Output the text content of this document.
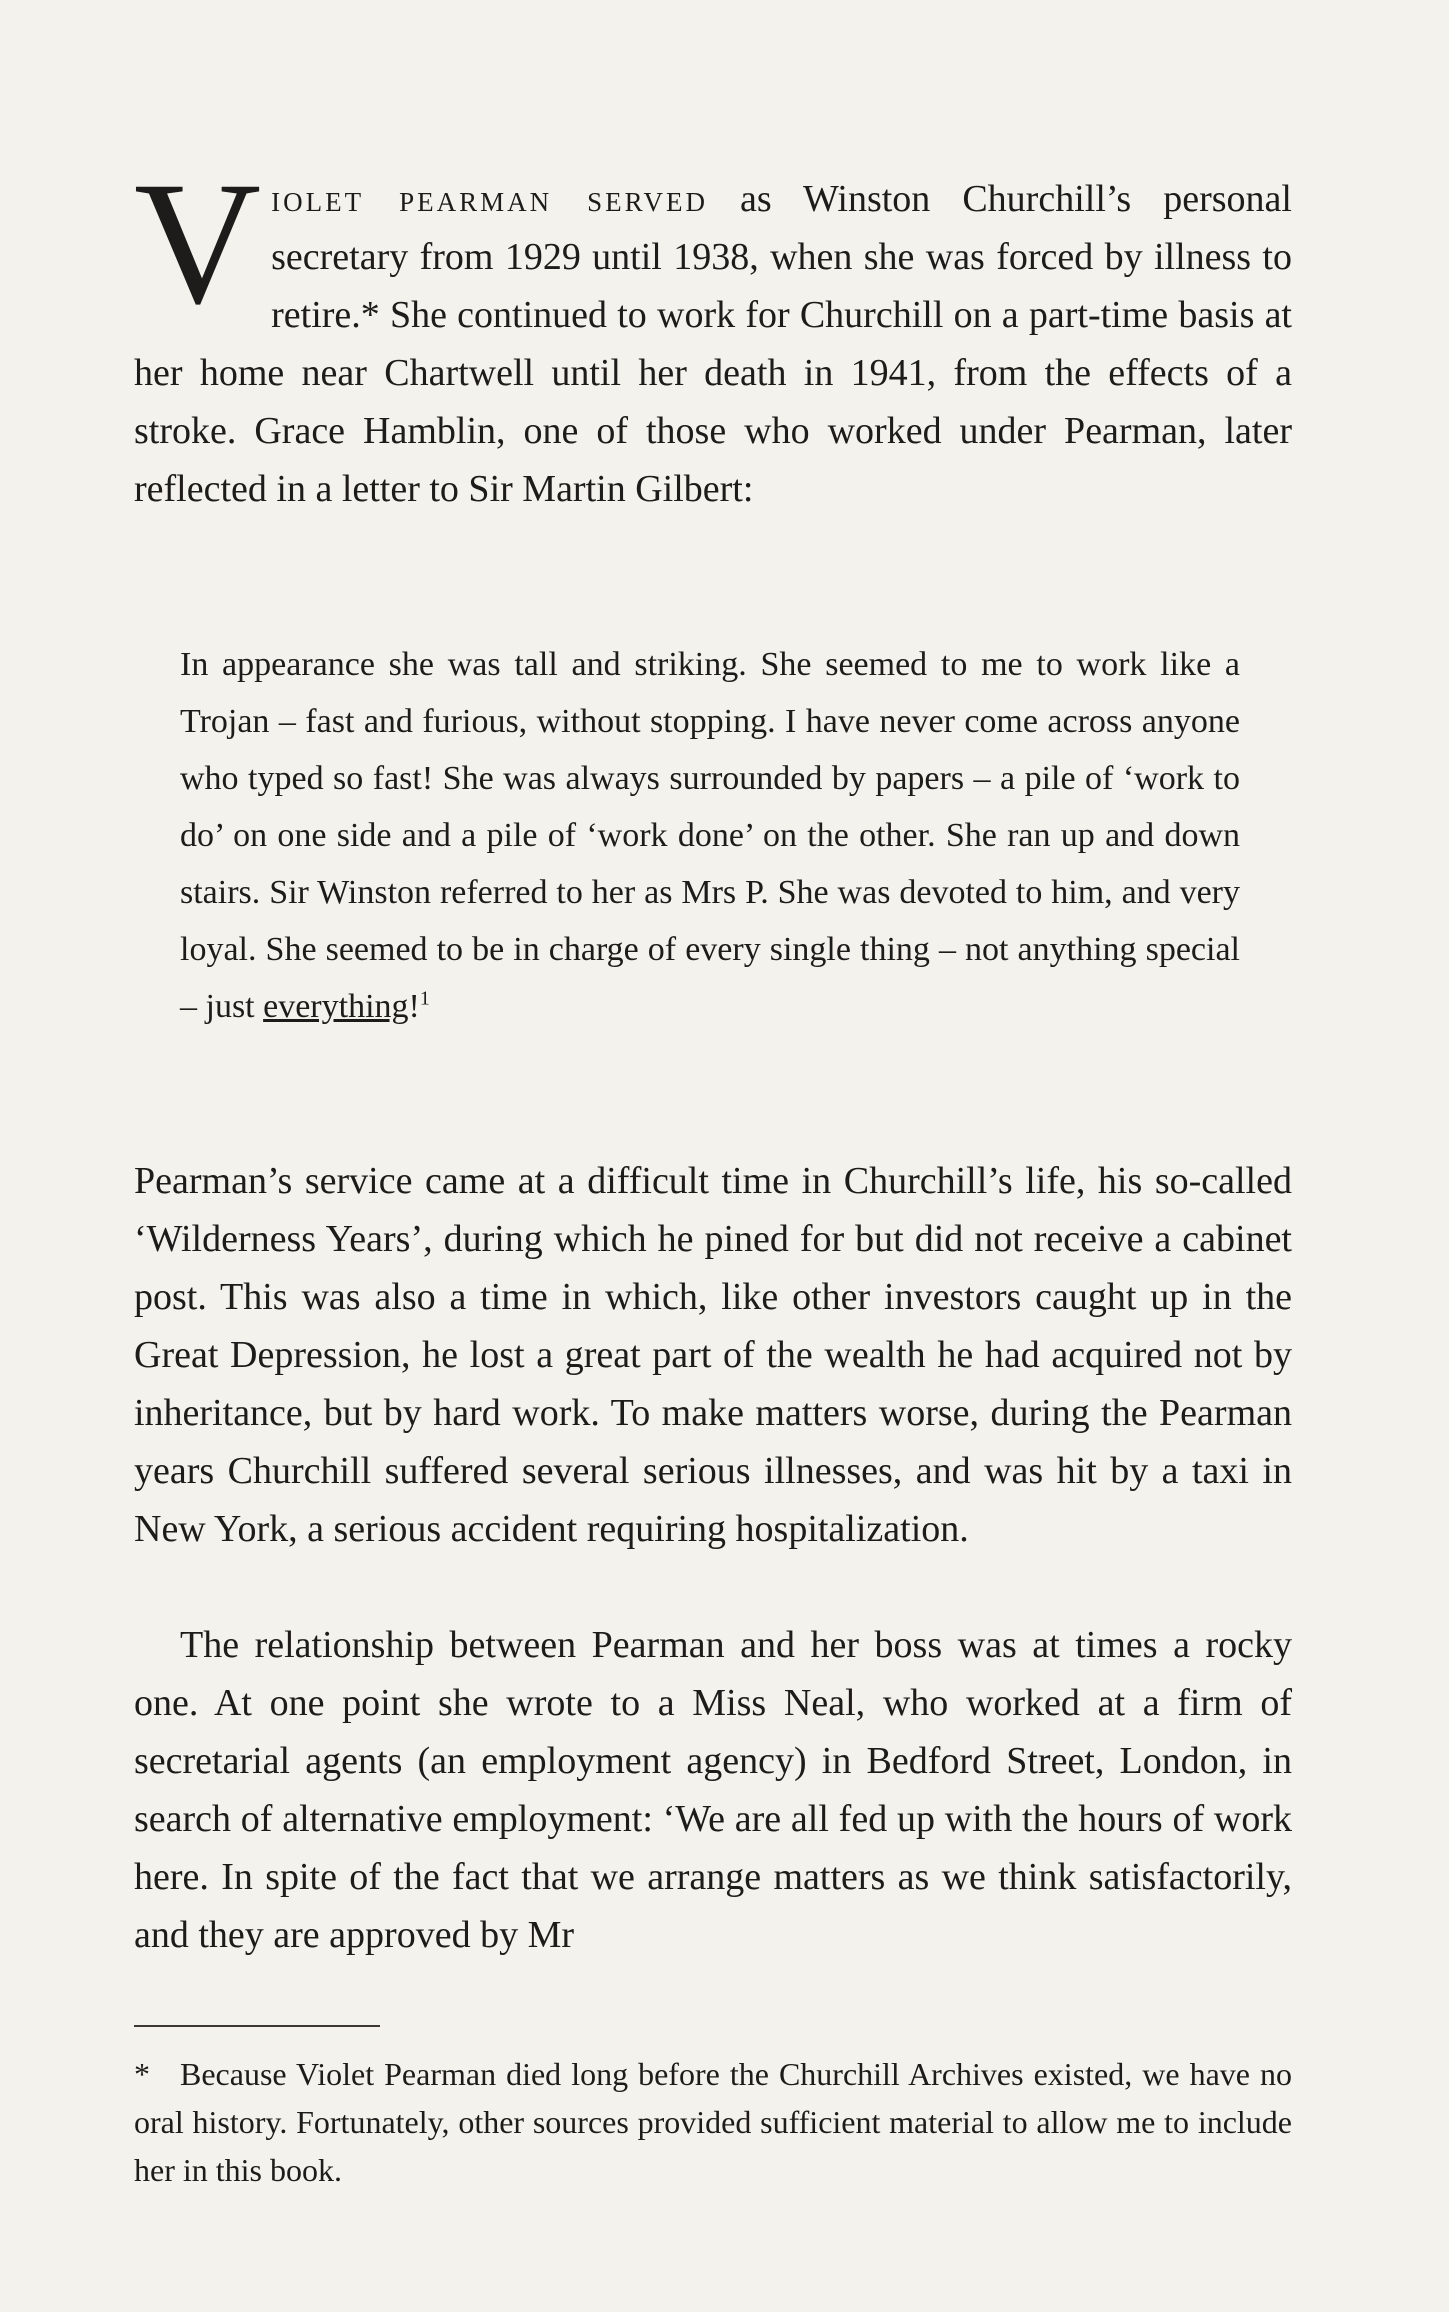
Violet pearman served as Winston Churchill’s personal secretary from 1929 until 1938, when she was forced by illness to retire.* She continued to work for Churchill on a part-time basis at her home near Chartwell until her death in 1941, from the effects of a stroke. Grace Hamblin, one of those who worked under Pearman, later reflected in a letter to Sir Martin Gilbert:

In appearance she was tall and striking. She seemed to me to work like a Trojan – fast and furious, without stopping. I have never come across anyone who typed so fast! She was always surrounded by papers – a pile of ‘work to do’ on one side and a pile of ‘work done’ on the other. She ran up and down stairs. Sir Winston referred to her as Mrs P. She was devoted to him, and very loyal. She seemed to be in charge of every single thing – not anything special – just everything!$^1$

Pearman’s service came at a difficult time in Churchill’s life, his so-called ‘Wilderness Years’, during which he pined for but did not receive a cabinet post. This was also a time in which, like other investors caught up in the Great Depression, he lost a great part of the wealth he had acquired not by inheritance, but by hard work. To make matters worse, during the Pearman years Churchill suffered several serious illnesses, and was hit by a taxi in New York, a serious accident requiring hospitalization.

The relationship between Pearman and her boss was at times a rocky one. At one point she wrote to a Miss Neal, who worked at a firm of secretarial agents (an employment agency) in Bedford Street, London, in search of alternative employment: ‘We are all fed up with the hours of work here. In spite of the fact that we arrange matters as we think satisfactorily, and they are approved by Mr

* Because Violet Pearman died long before the Churchill Archives existed, we have no oral history. Fortunately, other sources provided sufficient material to allow me to include her in this book.
